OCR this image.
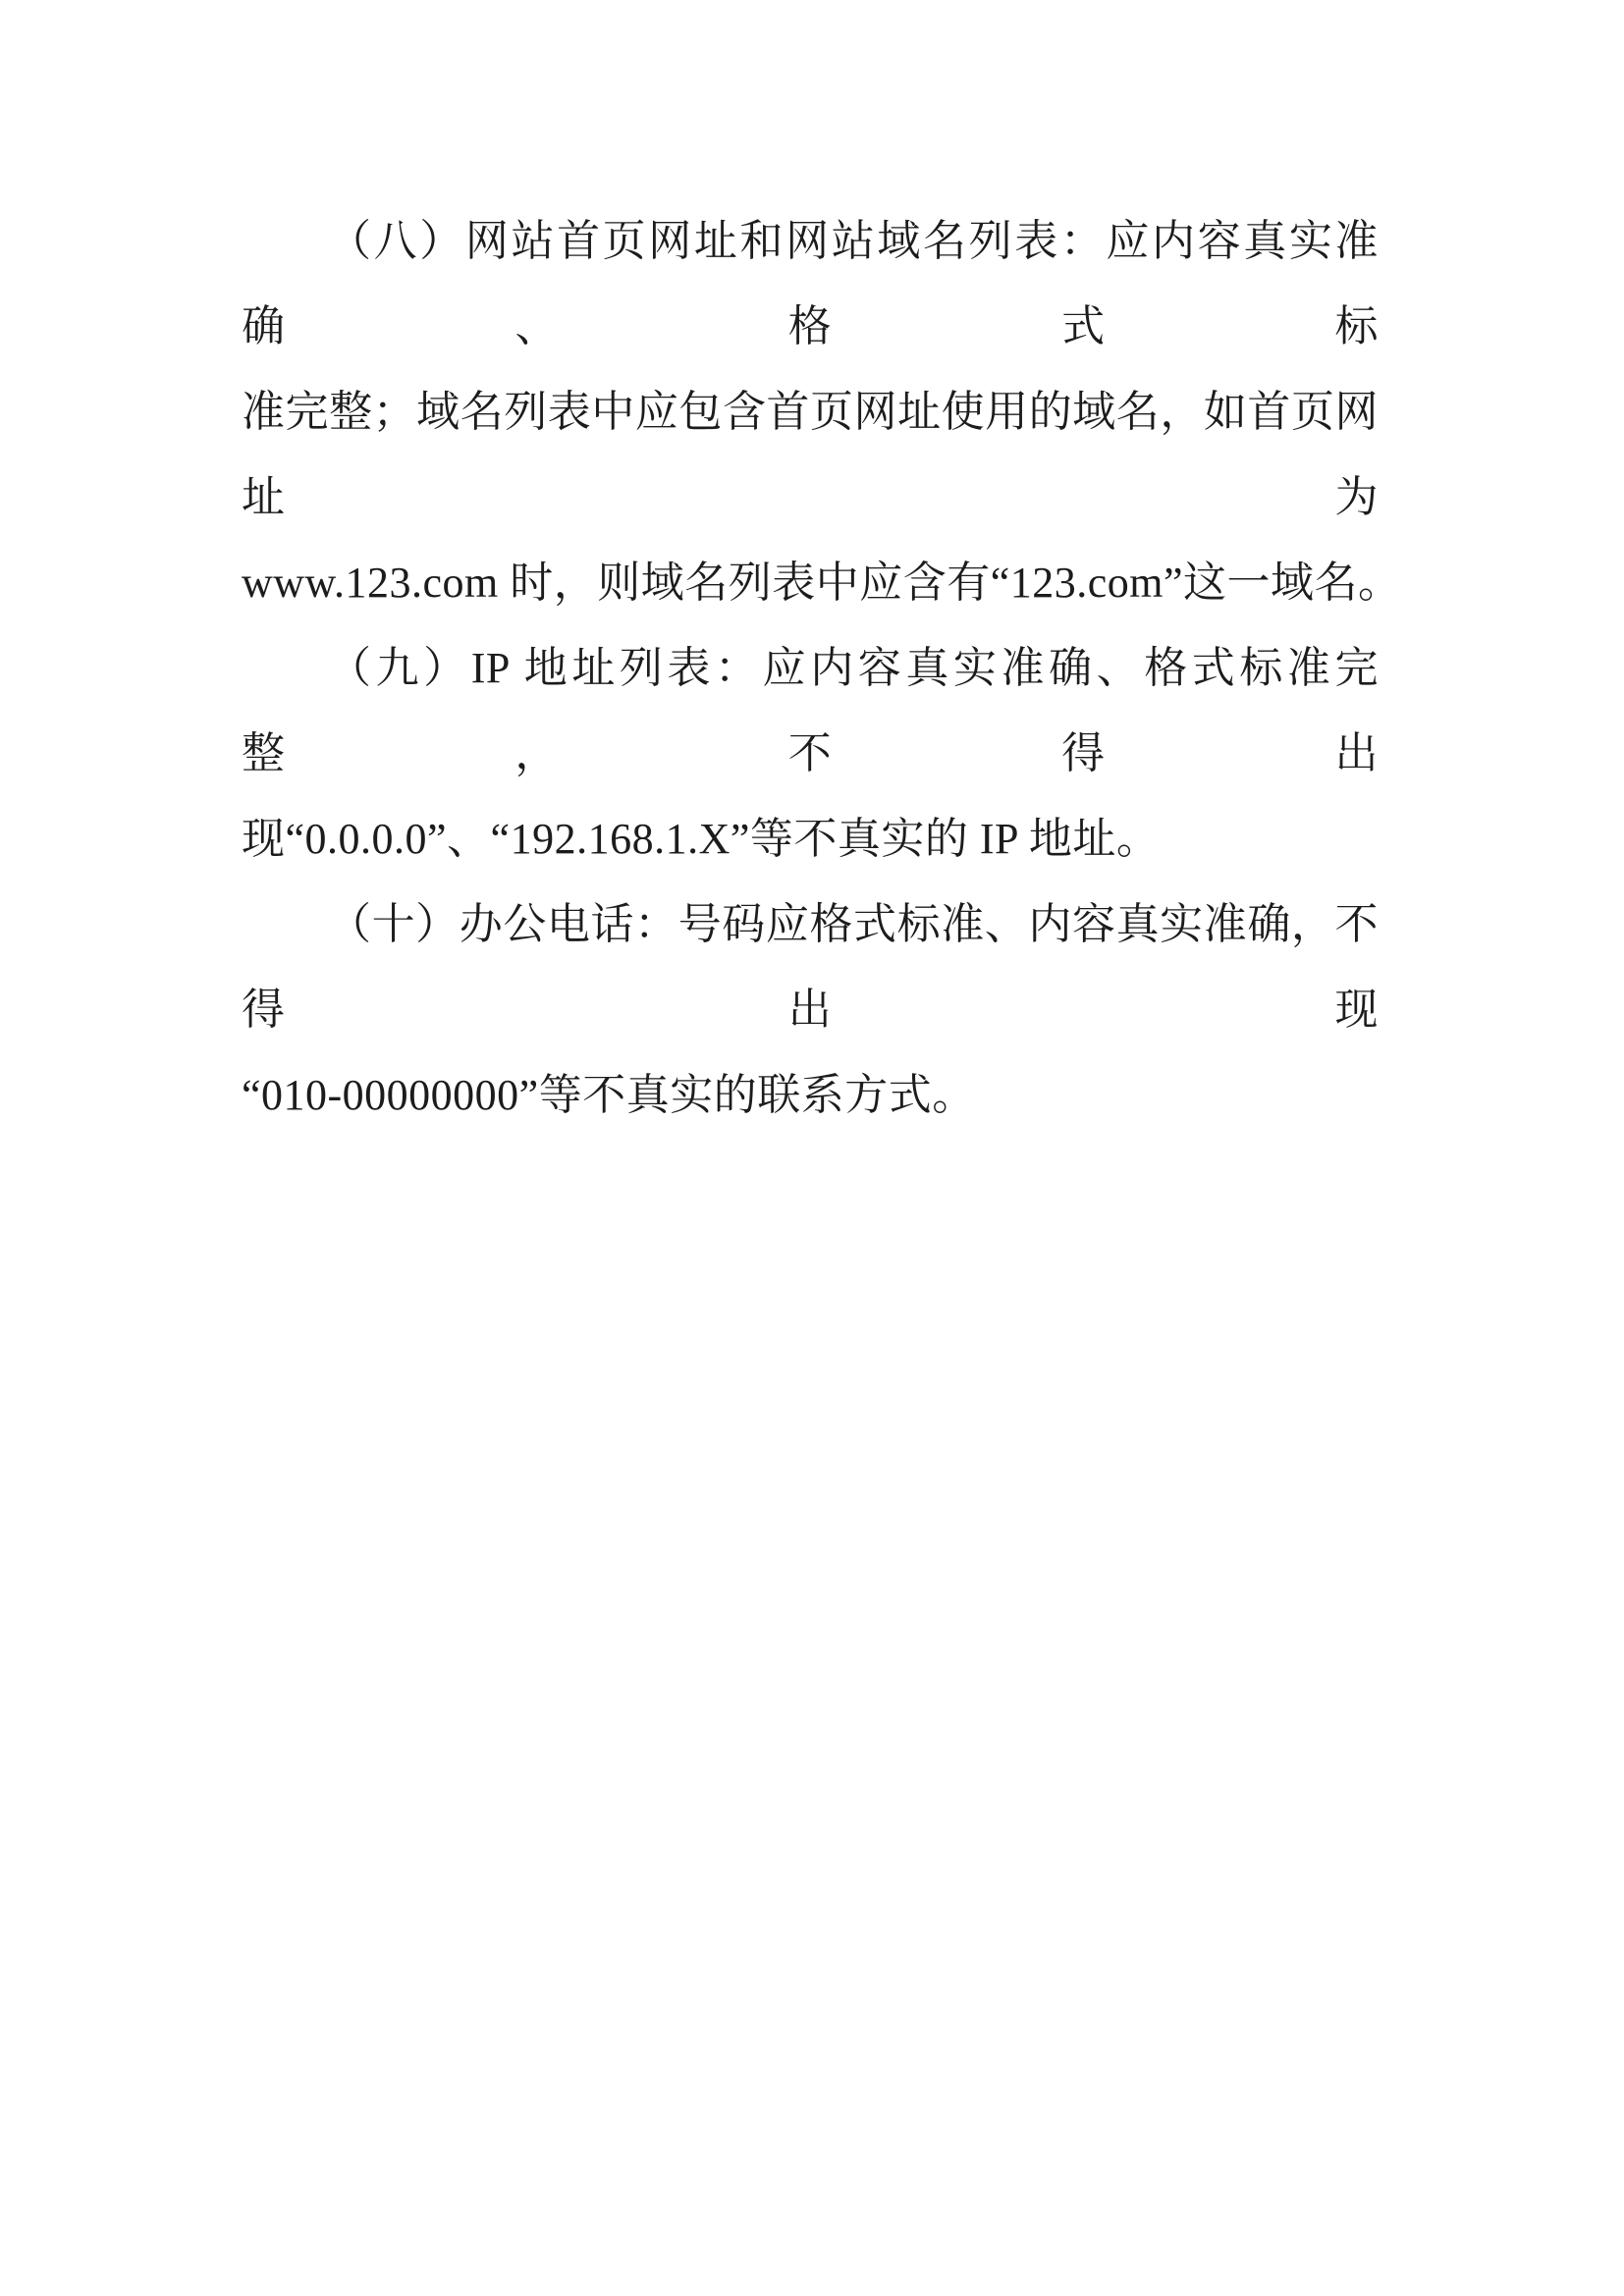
（八）网站首页网址和网站域名列表：应内容真实准确、格式标
准完整；域名列表中应包含首页网址使用的域名，如首页网址为
www.123.com 时，则域名列表中应含有“123.com”这一域名。
（九）IP 地址列表：应内容真实准确、格式标准完整，不得出
现“0.0.0.0”、“192.168.1.X”等不真实的 IP 地址。
（十）办公电话：号码应格式标准、内容真实准确，不得出现
“010-00000000”等不真实的联系方式。
